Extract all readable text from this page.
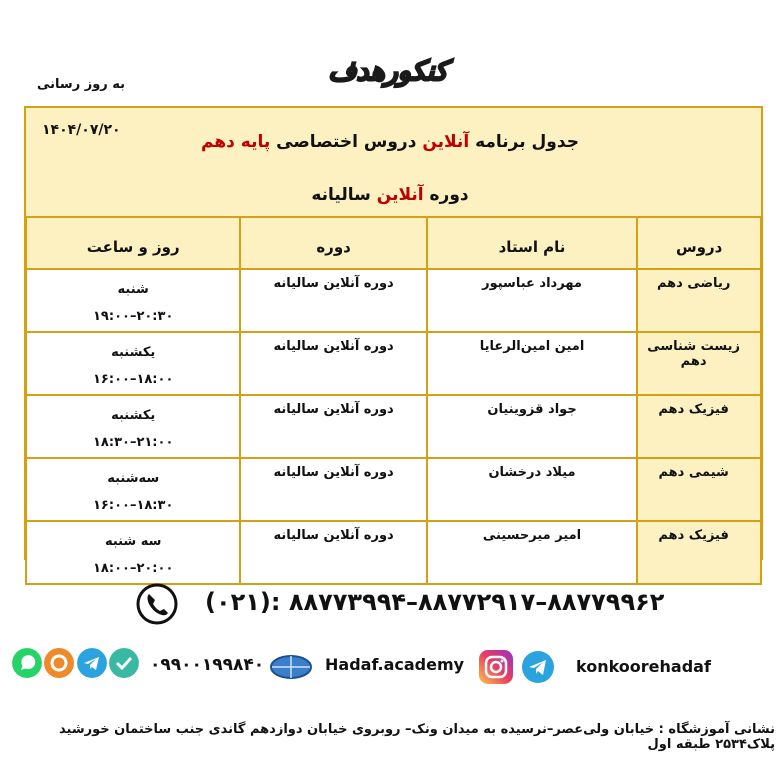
به روز رسانی	کنکورهدف
۱۴۰۴/۰۷/۲۰
جدول برنامه آنلاین دروس اختصاصی پایه دهم
دوره آنلاین سالیانه
دروس	نام استاد	دوره	روز و ساعت
ریاضی دهم	مهرداد عباسپور	دوره آنلاین سالیانه	شنبه
۲۰:۳۰–۱۹:۰۰

زیست شناسی دهم	امین امین‌الرعایا	دوره آنلاین سالیانه	یکشنبه
۱۸:۰۰–۱۶:۰۰

فیزیک دهم	جواد قزوینیان	دوره آنلاین سالیانه	یکشنبه
۲۱:۰۰–۱۸:۳۰

شیمی دهم	میلاد درخشان	دوره آنلاین سالیانه	سه‌شنبه
۱۸:۳۰–۱۶:۰۰

فیزیک دهم	امیر میرحسینی	دوره آنلاین سالیانه	سه شنبه
۲۰:۰۰–۱۸:۰۰
(۰۲۱): ۸۸۷۷۳۹۹۴–۸۸۷۷۲۹۱۷–۸۸۷۷۹۹۶۲
۰۹۹۰۰۱۹۹۸۴۰	Hadaf.academy	konkoorehadaf
نشانی آموزشگاه : خیابان ولی‌عصر–نرسیده به میدان ونک– روبروی خیابان دوازدهم گاندی جنب ساختمان خورشید پلاک۲۵۳۴ طبقه اول
